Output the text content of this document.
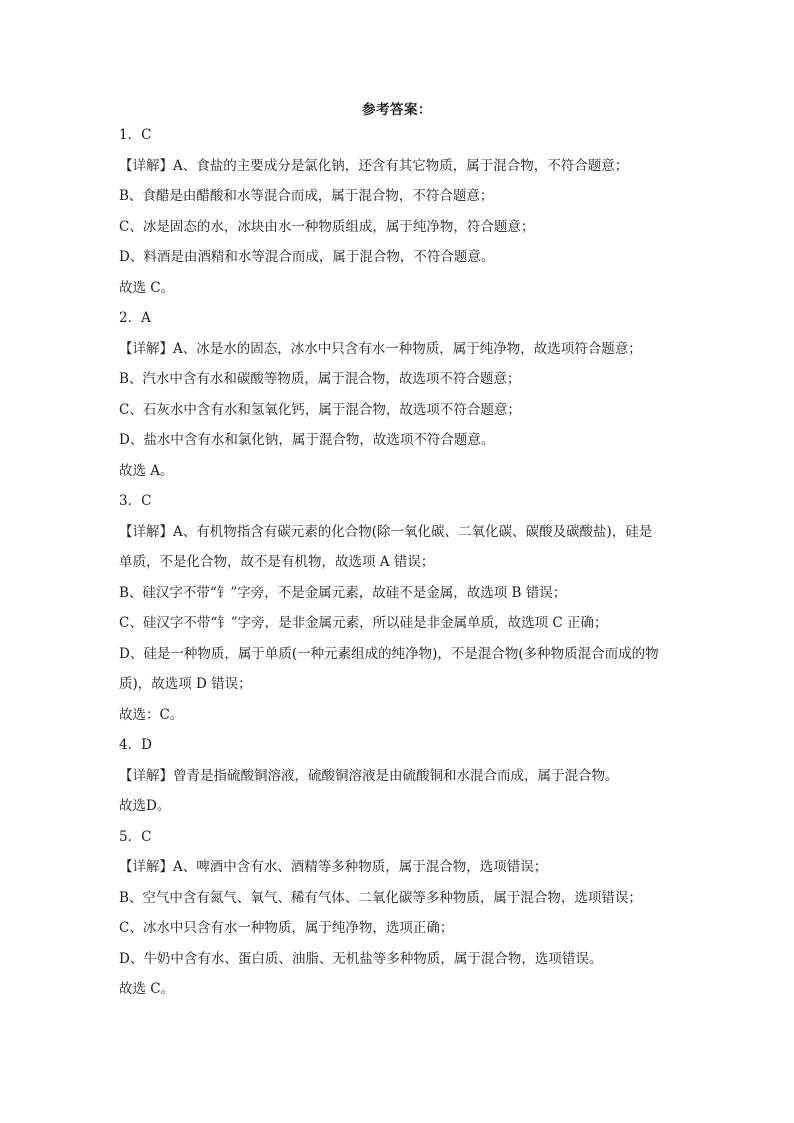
参考答案：
1．C
【详解】A、食盐的主要成分是氯化钠，还含有其它物质，属于混合物，不符合题意；
B、食醋是由醋酸和水等混合而成，属于混合物，不符合题意；
C、冰是固态的水，冰块由水一种物质组成，属于纯净物，符合题意；
D、料酒是由酒精和水等混合而成，属于混合物，不符合题意。
故选 C。
2．A
【详解】A、冰是水的固态，冰水中只含有水一种物质，属于纯净物，故选项符合题意；
B、汽水中含有水和碳酸等物质，属于混合物，故选项不符合题意；
C、石灰水中含有水和氢氧化钙，属于混合物，故选项不符合题意；
D、盐水中含有水和氯化钠，属于混合物，故选项不符合题意。
故选 A。
3．C
【详解】A、有机物指含有碳元素的化合物(除一氧化碳、二氧化碳、碳酸及碳酸盐)，硅是
单质，不是化合物，故不是有机物，故选项 A 错误；
B、硅汉字不带“钅”字旁，不是金属元素，故硅不是金属，故选项 B 错误；
C、硅汉字不带“钅”字旁，是非金属元素，所以硅是非金属单质，故选项 C 正确；
D、硅是一种物质，属于单质(一种元素组成的纯净物)，不是混合物(多种物质混合而成的物
质)，故选项 D 错误；
故选：C。
4．D
【详解】曾青是指硫酸铜溶液，硫酸铜溶液是由硫酸铜和水混合而成，属于混合物。
故选D。
5．C
【详解】A、啤酒中含有水、酒精等多种物质，属于混合物，选项错误；
B、空气中含有氮气、氧气、稀有气体、二氧化碳等多种物质，属于混合物，选项错误；
C、冰水中只含有水一种物质，属于纯净物，选项正确；
D、牛奶中含有水、蛋白质、油脂、无机盐等多种物质，属于混合物，选项错误。
故选 C。
